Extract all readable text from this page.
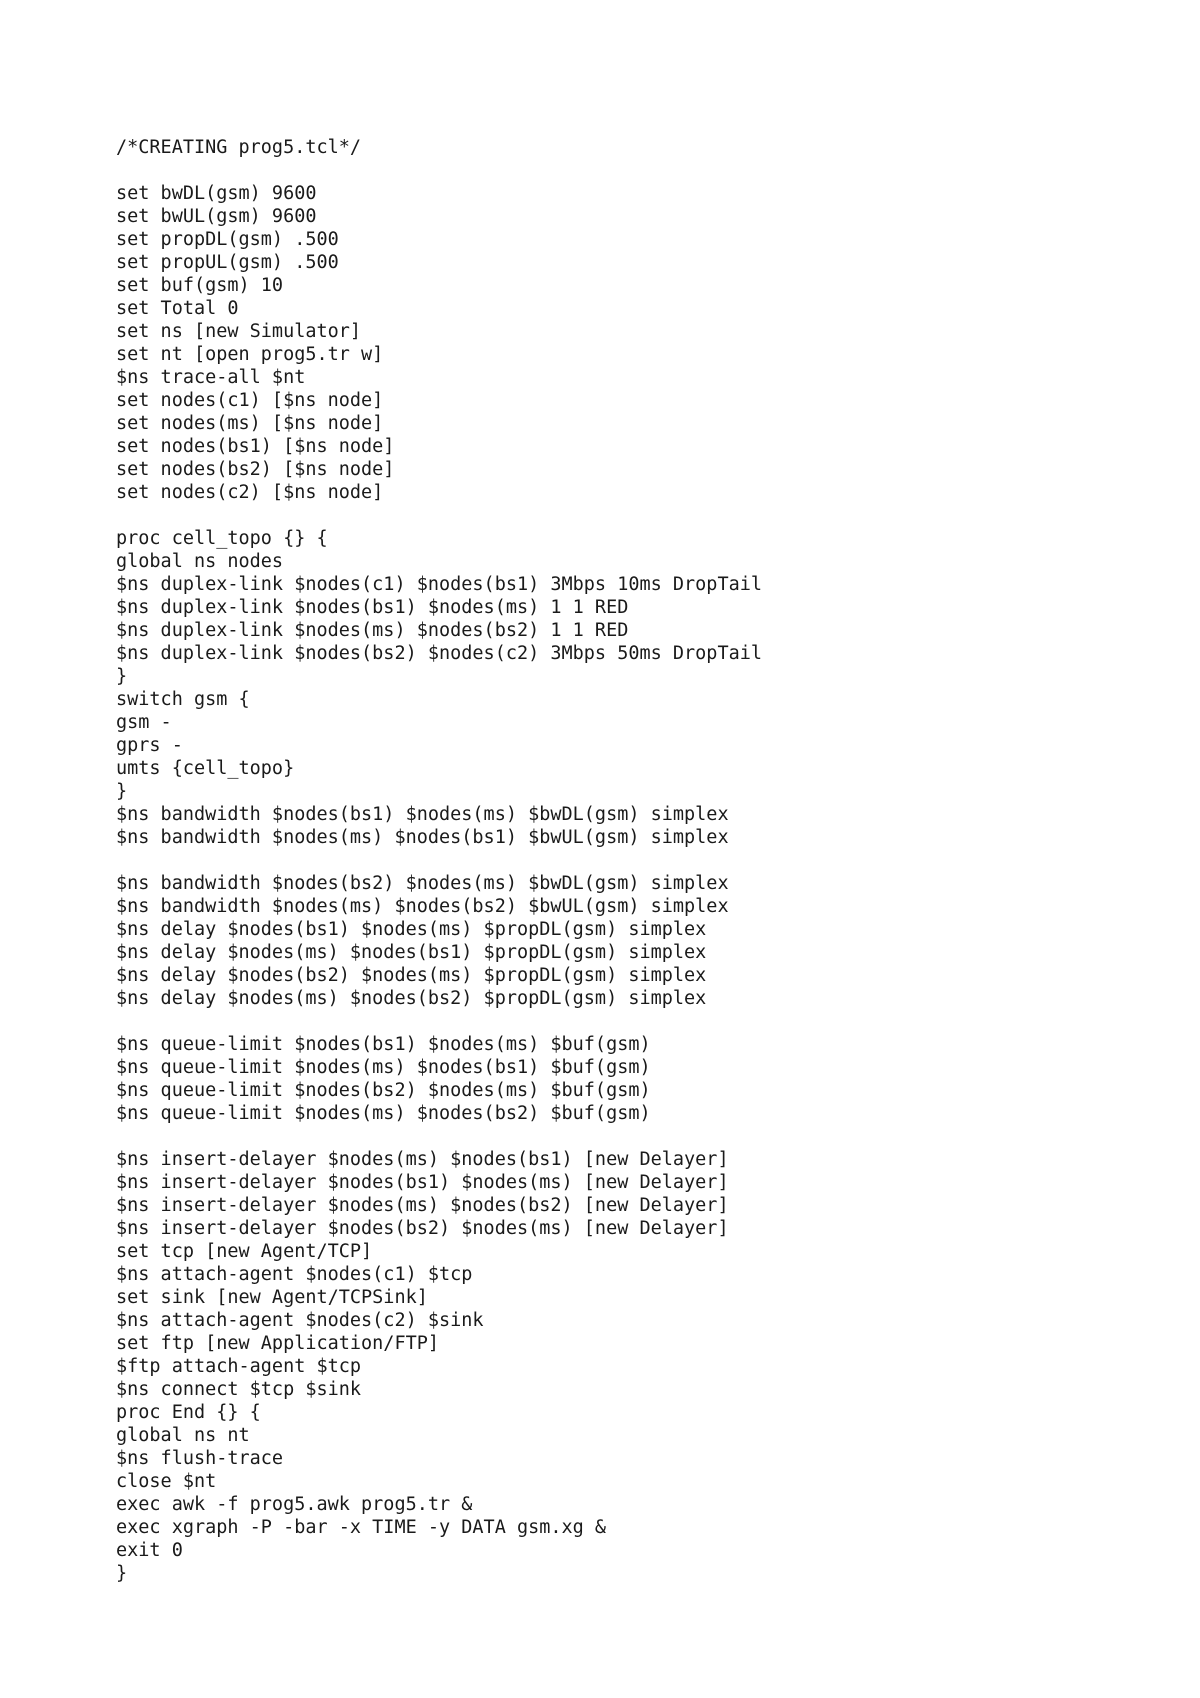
/*CREATING prog5.tcl*/
set bwDL(gsm) 9600
set bwUL(gsm) 9600
set propDL(gsm) .500
set propUL(gsm) .500
set buf(gsm) 10
set Total 0
set ns [new Simulator]
set nt [open prog5.tr w]
$ns trace-all $nt
set nodes(c1) [$ns node]
set nodes(ms) [$ns node]
set nodes(bs1) [$ns node]
set nodes(bs2) [$ns node]
set nodes(c2) [$ns node]
proc cell_topo {} {
global ns nodes
$ns duplex-link $nodes(c1) $nodes(bs1) 3Mbps 10ms DropTail
$ns duplex-link $nodes(bs1) $nodes(ms) 1 1 RED
$ns duplex-link $nodes(ms) $nodes(bs2) 1 1 RED
$ns duplex-link $nodes(bs2) $nodes(c2) 3Mbps 50ms DropTail
}
switch gsm {
gsm -
gprs -
umts {cell_topo}
}
$ns bandwidth $nodes(bs1) $nodes(ms) $bwDL(gsm) simplex
$ns bandwidth $nodes(ms) $nodes(bs1) $bwUL(gsm) simplex
$ns bandwidth $nodes(bs2) $nodes(ms) $bwDL(gsm) simplex
$ns bandwidth $nodes(ms) $nodes(bs2) $bwUL(gsm) simplex
$ns delay $nodes(bs1) $nodes(ms) $propDL(gsm) simplex
$ns delay $nodes(ms) $nodes(bs1) $propDL(gsm) simplex
$ns delay $nodes(bs2) $nodes(ms) $propDL(gsm) simplex
$ns delay $nodes(ms) $nodes(bs2) $propDL(gsm) simplex
$ns queue-limit $nodes(bs1) $nodes(ms) $buf(gsm)
$ns queue-limit $nodes(ms) $nodes(bs1) $buf(gsm)
$ns queue-limit $nodes(bs2) $nodes(ms) $buf(gsm)
$ns queue-limit $nodes(ms) $nodes(bs2) $buf(gsm)
$ns insert-delayer $nodes(ms) $nodes(bs1) [new Delayer]
$ns insert-delayer $nodes(bs1) $nodes(ms) [new Delayer]
$ns insert-delayer $nodes(ms) $nodes(bs2) [new Delayer]
$ns insert-delayer $nodes(bs2) $nodes(ms) [new Delayer]
set tcp [new Agent/TCP]
$ns attach-agent $nodes(c1) $tcp
set sink [new Agent/TCPSink]
$ns attach-agent $nodes(c2) $sink
set ftp [new Application/FTP]
$ftp attach-agent $tcp
$ns connect $tcp $sink
proc End {} {
global ns nt
$ns flush-trace
close $nt
exec awk -f prog5.awk prog5.tr &
exec xgraph -P -bar -x TIME -y DATA gsm.xg &
exit 0
}
